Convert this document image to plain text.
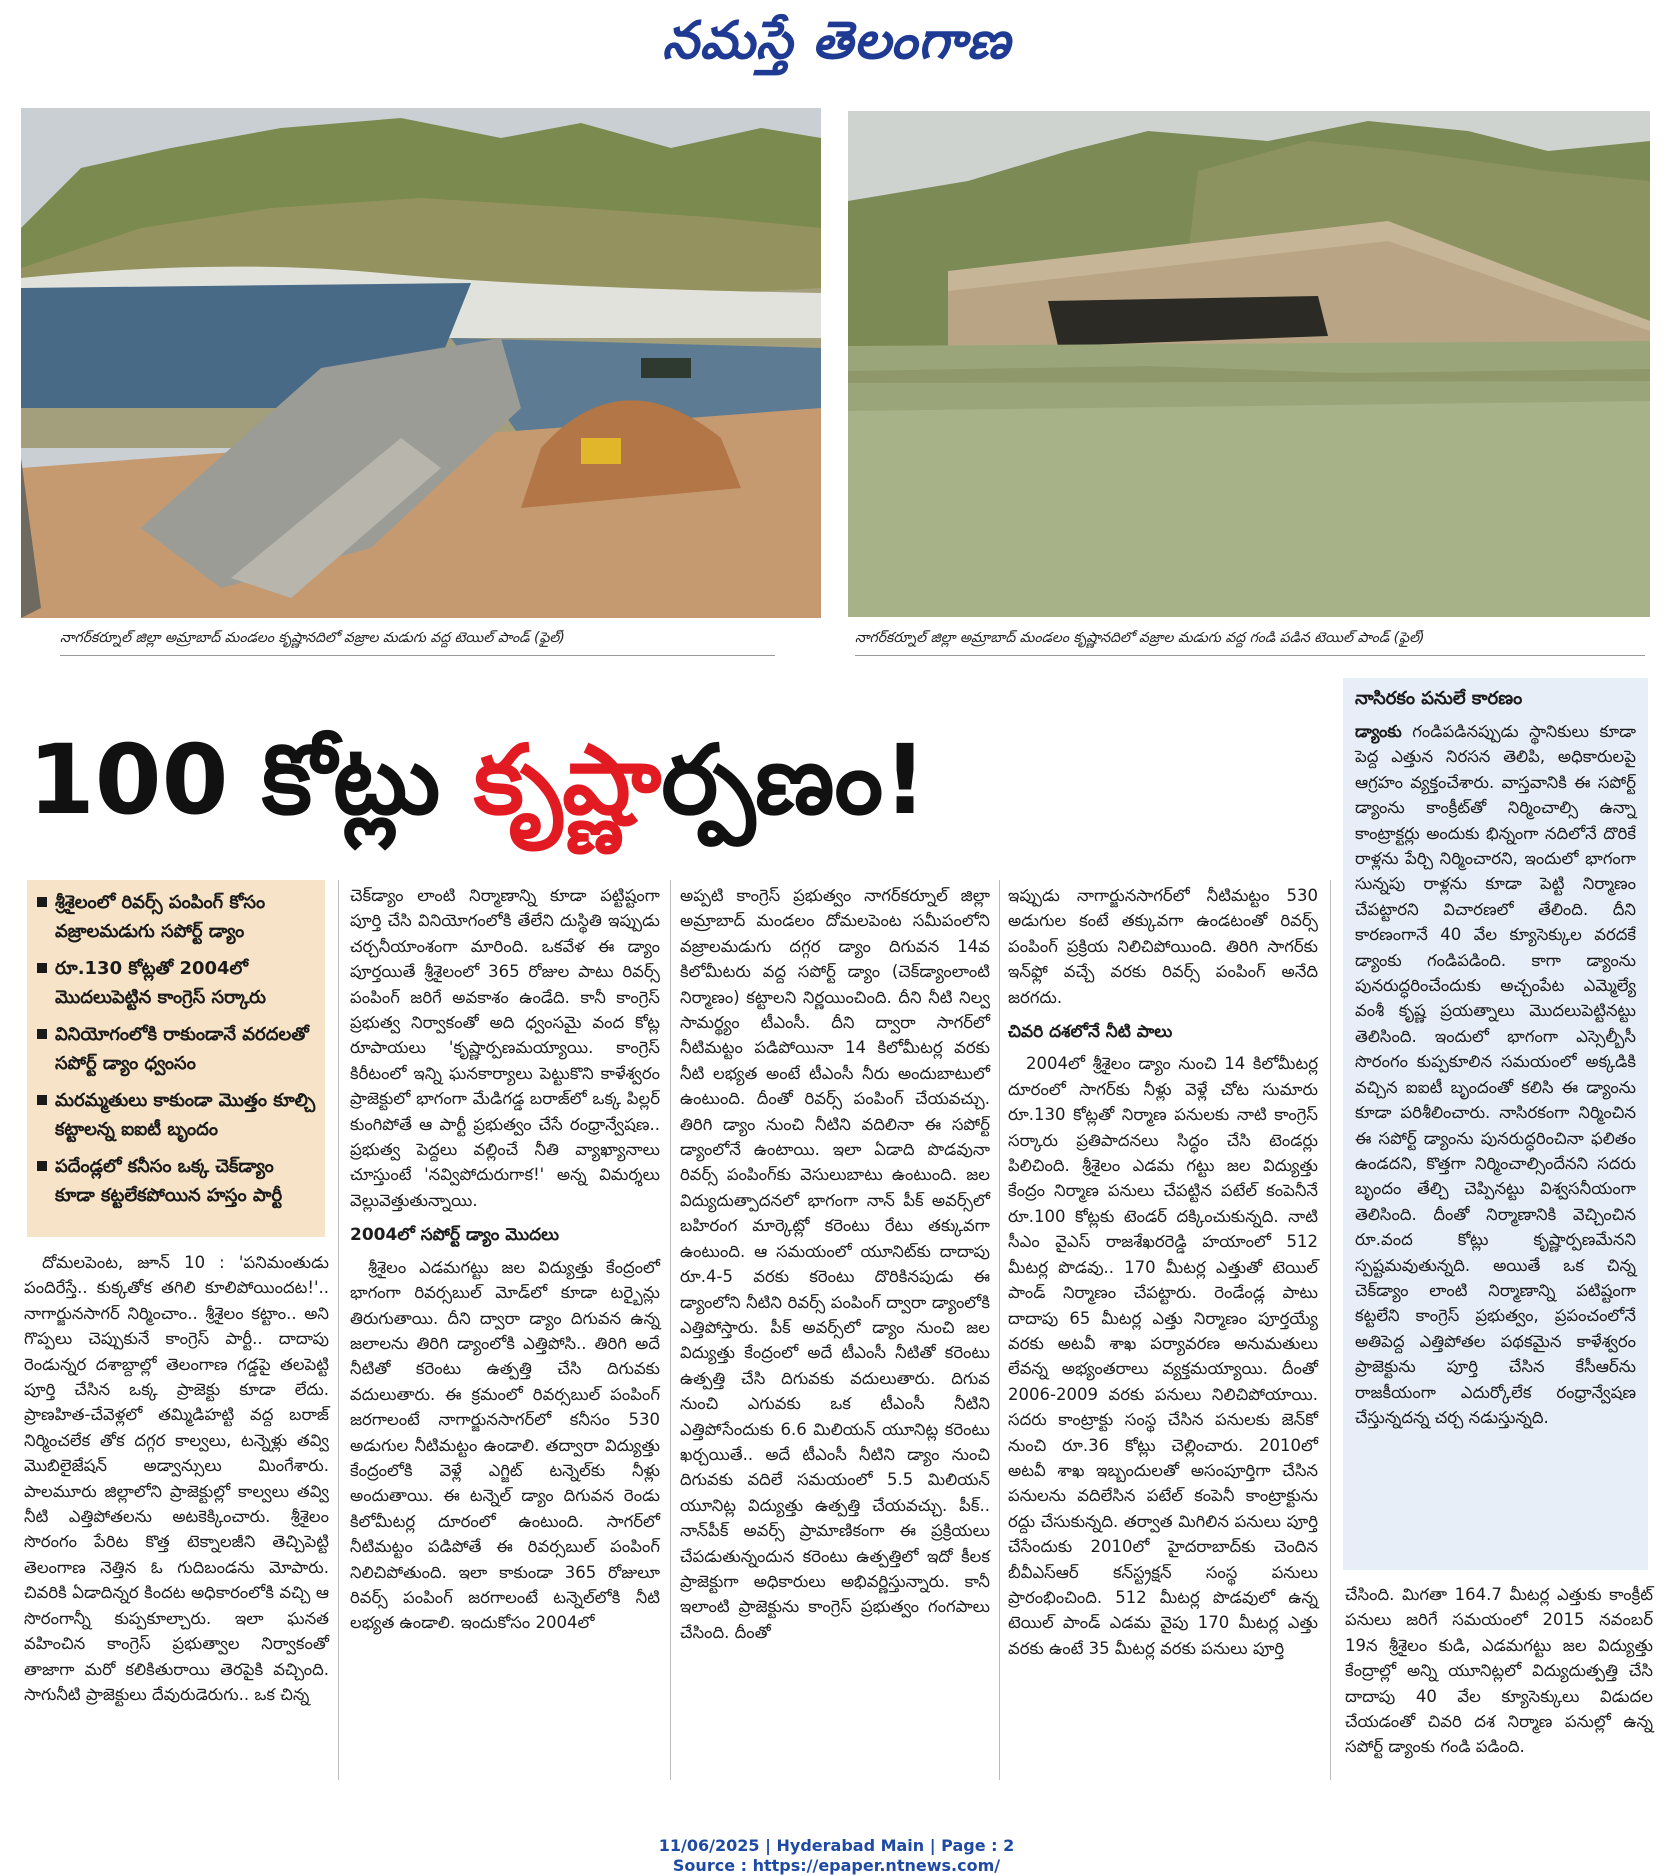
నమస్తే తెలంగాణ
నాగర్‌కర్నూల్ జిల్లా అమ్రాబాద్ మండలం కృష్ణానదిలో వజ్రాల మడుగు వద్ద టెయిల్ పాండ్ (ఫైల్)	నాగర్‌కర్నూల్ జిల్లా అమ్రాబాద్ మండలం కృష్ణానదిలో వజ్రాల మడుగు వద్ద గండి పడిన టెయిల్ పాండ్ (ఫైల్)
100 కోట్లు కృష్ణార్పణం!
శ్రీశైలంలో రివర్స్ పంపింగ్ కోసం వజ్రాలమడుగు సపోర్ట్ డ్యాం
రూ.130 కోట్లతో 2004లో మొదలుపెట్టిన కాంగ్రెస్ సర్కారు
వినియోగంలోకి రాకుండానే వరదలతో సపోర్ట్ డ్యాం ధ్వంసం
మరమ్మతులు కాకుండా మొత్తం కూల్చి కట్టాలన్న ఐఐటీ బృందం
పదేండ్లలో కనీసం ఒక్క చెక్‌డ్యాం కూడా కట్టలేకపోయిన హస్తం పార్టీ

దోమలపెంట, జూన్ 10 : 'పనిమంతుడు పందిరేస్తే.. కుక్కతోక తగిలి కూలిపోయిందట!'.. నాగార్జునసాగర్ నిర్మించాం.. శ్రీశైలం కట్టాం.. అని గొప్పలు చెప్పుకునే కాంగ్రెస్ పార్టీ.. దాదాపు రెండున్నర దశాబ్దాల్లో తెలంగాణ గడ్డపై తలపెట్టి పూర్తి చేసిన ఒక్క ప్రాజెక్టు కూడా లేదు. ప్రాణహిత-చేవెళ్లలో తమ్మిడిహట్టి వద్ద బరాజ్ నిర్మించలేక తోక దగ్గర కాల్వలు, టన్నెళ్లు తవ్వి మొబిలైజేషన్ అడ్వాన్సులు మింగేశారు. పాలమూరు జిల్లాలోని ప్రాజెక్టుల్లో కాల్వలు తవ్వి నీటి ఎత్తిపోతలను అటకెక్కించారు. శ్రీశైలం సొరంగం పేరిట కొత్త టెక్నాలజీని తెచ్చిపెట్టి తెలంగాణ నెత్తిన ఓ గుదిబండను మోపారు. చివరికి ఏడాదిన్నర కిందట అధికారంలోకి వచ్చి ఆ సొరంగాన్నీ కుప్పకూల్చారు. ఇలా ఘనత వహించిన కాంగ్రెస్ ప్రభుత్వాల నిర్వాకంతో తాజాగా మరో కలికితురాయి తెరపైకి వచ్చింది. సాగునీటి ప్రాజెక్టులు దేవురుడెరుగు.. ఒక చిన్న

చెక్‌డ్యాం లాంటి నిర్మాణాన్ని కూడా పట్టిష్టంగా పూర్తి చేసి వినియోగంలోకి తేలేని దుస్థితి ఇప్పుడు చర్చనీయాంశంగా మారింది. ఒకవేళ ఈ డ్యాం పూర్తయితే శ్రీశైలంలో 365 రోజుల పాటు రివర్స్ పంపింగ్ జరిగే అవకాశం ఉండేది. కానీ కాంగ్రెస్ ప్రభుత్వ నిర్వాకంతో అది ధ్వంసమై వంద కోట్ల రూపాయలు 'కృష్ణార్పణమయ్యాయి. కాంగ్రెస్ కిరీటంలో ఇన్ని ఘనకార్యాలు పెట్టుకొని కాళేశ్వరం ప్రాజెక్టులో భాగంగా మేడిగడ్డ బరాజ్‌లో ఒక్క పిల్లర్ కుంగిపోతే ఆ పార్టీ ప్రభుత్వం చేసే రంధ్రాన్వేషణ.. ప్రభుత్వ పెద్దలు వల్లించే నీతి వ్యాఖ్యానాలు చూస్తుంటే 'నవ్విపోదురుగాక!' అన్న విమర్శలు వెల్లువెత్తుతున్నాయి.

2004లో సపోర్ట్ డ్యాం మొదలు

శ్రీశైలం ఎడమగట్టు జల విద్యుత్తు కేంద్రంలో భాగంగా రివర్సబుల్ మోడ్‌లో కూడా టర్బైన్లు తిరుగుతాయి. దీని ద్వారా డ్యాం దిగువన ఉన్న జలాలను తిరిగి డ్యాంలోకి ఎత్తిపోసి.. తిరిగి అదే నీటితో కరెంటు ఉత్పత్తి చేసి దిగువకు వదులుతారు. ఈ క్రమంలో రివర్సబుల్ పంపింగ్ జరగాలంటే నాగార్జునసాగర్‌లో కనీసం 530 అడుగుల నీటిమట్టం ఉండాలి. తద్వారా విద్యుత్తు కేంద్రంలోకి వెళ్లే ఎగ్జిట్ టన్నెల్‌కు నీళ్లు అందుతాయి. ఈ టన్నెల్ డ్యాం దిగువన రెండు కిలోమీటర్ల దూరంలో ఉంటుంది. సాగర్‌లో నీటిమట్టం పడిపోతే ఈ రివర్సబుల్ పంపింగ్ నిలిచిపోతుంది. ఇలా కాకుండా 365 రోజులూ రివర్స్ పంపింగ్ జరగాలంటే టన్నెల్‌లోకి నీటి లభ్యత ఉండాలి. ఇందుకోసం 2004లో

అప్పటి కాంగ్రెస్ ప్రభుత్వం నాగర్‌కర్నూల్ జిల్లా అమ్రాబాద్ మండలం దోమలపెంట సమీపంలోని వజ్రాలమడుగు దగ్గర డ్యాం దిగువన 14వ కిలోమీటరు వద్ద సపోర్ట్ డ్యాం (చెక్‌డ్యాంలాంటి నిర్మాణం) కట్టాలని నిర్ణయించింది. దీని నీటి నిల్వ సామర్థ్యం టీఎంసీ. దీని ద్వారా సాగర్‌లో నీటిమట్టం పడిపోయినా 14 కిలోమీటర్ల వరకు నీటి లభ్యత అంటే టీఎంసీ నీరు అందుబాటులో ఉంటుంది. దీంతో రివర్స్ పంపింగ్ చేయవచ్చు. తిరిగి డ్యాం నుంచి నీటిని వదిలినా ఈ సపోర్ట్ డ్యాంలోనే ఉంటాయి. ఇలా ఏడాది పొడవునా రివర్స్ పంపింగ్‌కు వెసులుబాటు ఉంటుంది. జల విద్యుదుత్పాదనలో భాగంగా నాన్ పీక్ అవర్స్‌లో బహిరంగ మార్కెట్లో కరెంటు రేటు తక్కువగా ఉంటుంది. ఆ సమయంలో యూనిట్‌కు దాదాపు రూ.4-5 వరకు కరెంటు దొరికినపుడు ఈ డ్యాంలోని నీటిని రివర్స్ పంపింగ్ ద్వారా డ్యాంలోకి ఎత్తిపోస్తారు. పీక్ అవర్స్‌లో డ్యాం నుంచి జల విద్యుత్తు కేంద్రంలో అదే టీఎంసీ నీటితో కరెంటు ఉత్పత్తి చేసి దిగువకు వదులుతారు. దిగువ నుంచి ఎగువకు ఒక టీఎంసీ నీటిని ఎత్తిపోసేందుకు 6.6 మిలియన్ యూనిట్ల కరెంటు ఖర్చయితే.. అదే టీఎంసీ నీటిని డ్యాం నుంచి దిగువకు వదిలే సమయంలో 5.5 మిలియన్ యూనిట్ల విద్యుత్తు ఉత్పత్తి చేయవచ్చు. పీక్.. నాన్‌పీక్ అవర్స్ ప్రామాణికంగా ఈ ప్రక్రియలు చేపడుతున్నందున కరెంటు ఉత్పత్తిలో ఇదో కీలక ప్రాజెక్టుగా అధికారులు అభివర్ణిస్తున్నారు. కానీ ఇలాంటి ప్రాజెక్టును కాంగ్రెస్ ప్రభుత్వం గంగపాలు చేసింది. దీంతో

ఇప్పుడు నాగార్జునసాగర్‌లో నీటిమట్టం 530 అడుగుల కంటే తక్కువగా ఉండటంతో రివర్స్ పంపింగ్ ప్రక్రియ నిలిచిపోయింది. తిరిగి సాగర్‌కు ఇన్‌ఫ్లో వచ్చే వరకు రివర్స్ పంపింగ్ అనేది జరగదు.

చివరి దశలోనే నీటి పాలు

2004లో శ్రీశైలం డ్యాం నుంచి 14 కిలోమీటర్ల దూరంలో సాగర్‌కు నీళ్లు వెళ్లే చోట సుమారు రూ.130 కోట్లతో నిర్మాణ పనులకు నాటి కాంగ్రెస్ సర్కారు ప్రతిపాదనలు సిద్ధం చేసి టెండర్లు పిలిచింది. శ్రీశైలం ఎడమ గట్టు జల విద్యుత్తు కేంద్రం నిర్మాణ పనులు చేపట్టిన పటేల్ కంపెనీనే రూ.100 కోట్లకు టెండర్ దక్కించుకున్నది. నాటి సీఎం వైఎస్ రాజశేఖరరెడ్డి హయాంలో 512 మీటర్ల పొడవు.. 170 మీటర్ల ఎత్తుతో టెయిల్ పాండ్ నిర్మాణం చేపట్టారు. రెండేండ్ల పాటు దాదాపు 65 మీటర్ల ఎత్తు నిర్మాణం పూర్తయ్యే వరకు అటవీ శాఖ పర్యావరణ అనుమతులు లేవన్న అభ్యంతరాలు వ్యక్తమయ్యాయి. దీంతో 2006-2009 వరకు పనులు నిలిచిపోయాయి. సదరు కాంట్రాక్టు సంస్థ చేసిన పనులకు జెన్‌కో నుంచి రూ.36 కోట్లు చెల్లించారు. 2010లో అటవీ శాఖ ఇబ్బందులతో అసంపూర్తిగా చేసిన పనులను వదిలేసిన పటేల్ కంపెనీ కాంట్రాక్టును రద్దు చేసుకున్నది. తర్వాత మిగిలిన పనులు పూర్తి చేసేందుకు 2010లో హైదరాబాద్‌కు చెందిన బీవీఎస్‌ఆర్ కన్‌స్ట్రక్షన్ సంస్థ పనులు ప్రారంభించింది. 512 మీటర్ల పొడవులో ఉన్న టెయిల్ పాండ్ ఎడమ వైపు 170 మీటర్ల ఎత్తు వరకు ఉంటే 35 మీటర్ల వరకు పనులు పూర్తి

నాసిరకం పనులే కారణం
డ్యాంకు గండిపడినప్పుడు స్థానికులు కూడా పెద్ద ఎత్తున నిరసన తెలిపి, అధికారులపై ఆగ్రహం వ్యక్తంచేశారు. వాస్తవానికి ఈ సపోర్ట్ డ్యాంను కాంక్రీట్‌తో నిర్మించాల్సి ఉన్నా కాంట్రాక్టర్లు అందుకు భిన్నంగా నదిలోనే దొరికే రాళ్లను పేర్చి నిర్మించారని, ఇందులో భాగంగా సున్నపు రాళ్లను కూడా పెట్టి నిర్మాణం చేపట్టారని విచారణలో తేలింది. దీని కారణంగానే 40 వేల క్యూసెక్కుల వరదకే డ్యాంకు గండిపడింది. కాగా డ్యాంను పునరుద్ధరించేందుకు అచ్చంపేట ఎమ్మెల్యే వంశీ కృష్ణ ప్రయత్నాలు మొదలుపెట్టినట్టు తెలిసింది. ఇందులో భాగంగా ఎస్సెల్బీసీ సొరంగం కుప్పకూలిన సమయంలో అక్కడికి వచ్చిన ఐఐటీ బృందంతో కలిసి ఈ డ్యాంను కూడా పరిశీలించారు. నాసిరకంగా నిర్మించిన ఈ సపోర్ట్ డ్యాంను పునరుద్ధరించినా ఫలితం ఉండదని, కొత్తగా నిర్మించాల్సిందేనని సదరు బృందం తేల్చి చెప్పినట్టు విశ్వసనీయంగా తెలిసింది. దీంతో నిర్మాణానికి వెచ్చించిన రూ.వంద కోట్లు కృష్ణార్పణమేనని స్పష్టమవుతున్నది. అయితే ఒక చిన్న చెక్‌డ్యాం లాంటి నిర్మాణాన్ని పటిష్టంగా కట్టలేని కాంగ్రెస్ ప్రభుత్వం, ప్రపంచంలోనే అతిపెద్ద ఎత్తిపోతల పథకమైన కాళేశ్వరం ప్రాజెక్టును పూర్తి చేసిన కేసీఆర్‌ను రాజకీయంగా ఎదుర్కోలేక రంధ్రాన్వేషణ చేస్తున్నదన్న చర్చ నడుస్తున్నది.

చేసింది. మిగతా 164.7 మీటర్ల ఎత్తుకు కాంక్రీట్ పనులు జరిగే సమయంలో 2015 నవంబర్ 19న శ్రీశైలం కుడి, ఎడమగట్టు జల విద్యుత్తు కేంద్రాల్లో అన్ని యూనిట్లలో విద్యుదుత్పత్తి చేసి దాదాపు 40 వేల క్యూసెక్కులు విడుదల చేయడంతో చివరి దశ నిర్మాణ పనుల్లో ఉన్న సపోర్ట్ డ్యాంకు గండి పడింది.

11/06/2025 | Hyderabad Main | Page : 2
Source : https://epaper.ntnews.com/
